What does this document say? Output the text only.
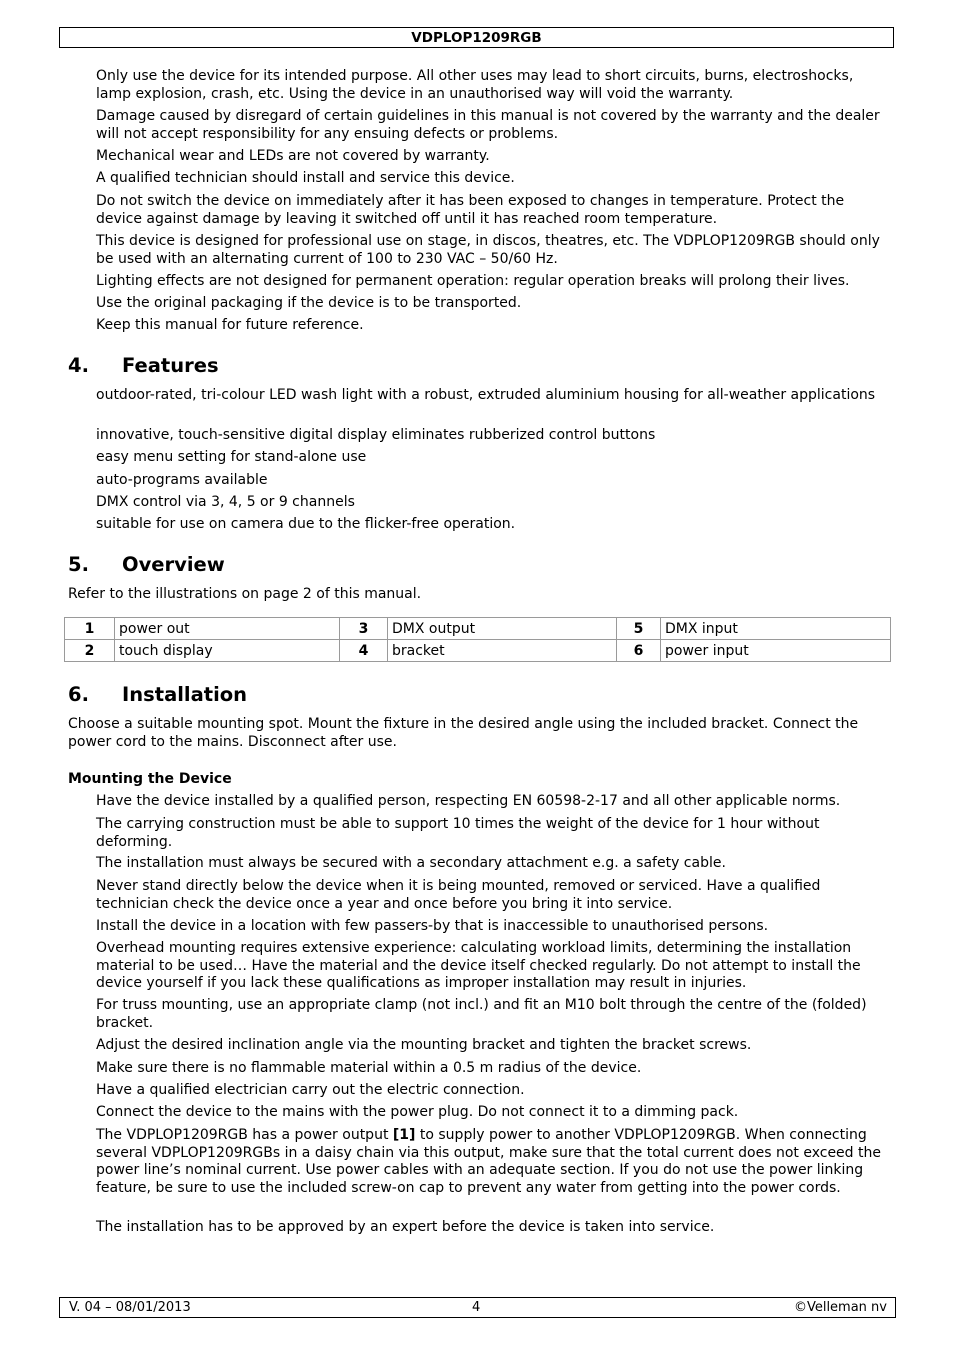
VDPLOP1209RGB

Only use the device for its intended purpose. All other uses may lead to short circuits, burns, electroshocks, lamp explosion, crash, etc. Using the device in an unauthorised way will void the warranty.

Damage caused by disregard of certain guidelines in this manual is not covered by the warranty and the dealer will not accept responsibility for any ensuing defects or problems.

Mechanical wear and LEDs are not covered by warranty.

A qualified technician should install and service this device.

Do not switch the device on immediately after it has been exposed to changes in temperature. Protect the device against damage by leaving it switched off until it has reached room temperature.

This device is designed for professional use on stage, in discos, theatres, etc. The VDPLOP1209RGB should only be used with an alternating current of 100 to 230 VAC – 50/60 Hz.

Lighting effects are not designed for permanent operation: regular operation breaks will prolong their lives.

Use the original packaging if the device is to be transported.

Keep this manual for future reference.

4. Features

outdoor-rated, tri-colour LED wash light with a robust, extruded aluminium housing for all-weather applications

innovative, touch-sensitive digital display eliminates rubberized control buttons

easy menu setting for stand-alone use

auto-programs available

DMX control via 3, 4, 5 or 9 channels

suitable for use on camera due to the flicker-free operation.

5. Overview

Refer to the illustrations on page 2 of this manual.

1	power out	3	DMX output	5	DMX input
2	touch display	4	bracket	6	power input
6. Installation

Choose a suitable mounting spot. Mount the fixture in the desired angle using the included bracket. Connect the power cord to the mains. Disconnect after use.

Mounting the Device

Have the device installed by a qualified person, respecting EN 60598-2-17 and all other applicable norms.

The carrying construction must be able to support 10 times the weight of the device for 1 hour without deforming.

The installation must always be secured with a secondary attachment e.g. a safety cable.

Never stand directly below the device when it is being mounted, removed or serviced. Have a qualified technician check the device once a year and once before you bring it into service.

Install the device in a location with few passers-by that is inaccessible to unauthorised persons.

Overhead mounting requires extensive experience: calculating workload limits, determining the installation material to be used… Have the material and the device itself checked regularly. Do not attempt to install the device yourself if you lack these qualifications as improper installation may result in injuries.

For truss mounting, use an appropriate clamp (not incl.) and fit an M10 bolt through the centre of the (folded) bracket.

Adjust the desired inclination angle via the mounting bracket and tighten the bracket screws.

Make sure there is no flammable material within a 0.5 m radius of the device.

Have a qualified electrician carry out the electric connection.

Connect the device to the mains with the power plug. Do not connect it to a dimming pack.

The VDPLOP1209RGB has a power output [1] to supply power to another VDPLOP1209RGB. When connecting several VDPLOP1209RGBs in a daisy chain via this output, make sure that the total current does not exceed the power line’s nominal current. Use power cables with an adequate section. If you do not use the power linking feature, be sure to use the included screw-on cap to prevent any water from getting into the power cords.

The installation has to be approved by an expert before the device is taken into service.

V. 04 – 08/01/2013	4	©Velleman nv
